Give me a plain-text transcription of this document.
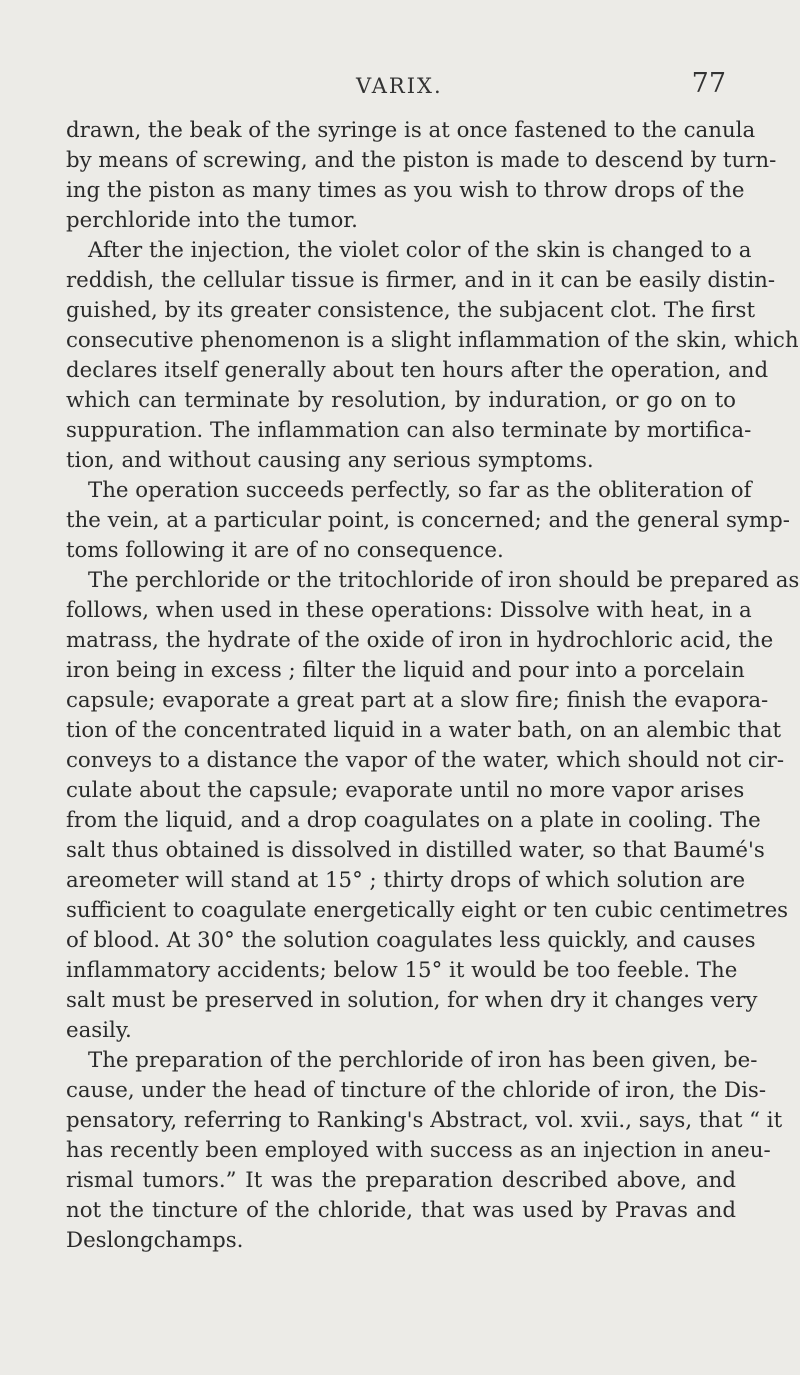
VARIX.	77
drawn, the beak of the syringe is at once fastened to the canula
by means of screwing, and the piston is made to descend by turn-
ing the piston as many times as you wish to throw drops of the
perchloride into the tumor.
After the injection, the violet color of the skin is changed to a
reddish, the cellular tissue is firmer, and in it can be easily distin-
guished, by its greater consistence, the subjacent clot. The first
consecutive phenomenon is a slight inflammation of the skin, which
declares itself generally about ten hours after the operation, and
which can terminate by resolution, by induration, or go on to
suppuration. The inflammation can also terminate by mortifica-
tion, and without causing any serious symptoms.
The operation succeeds perfectly, so far as the obliteration of
the vein, at a particular point, is concerned; and the general symp-
toms following it are of no consequence.
The perchloride or the tritochloride of iron should be prepared as
follows, when used in these operations: Dissolve with heat, in a
matrass, the hydrate of the oxide of iron in hydrochloric acid, the
iron being in excess ; filter the liquid and pour into a porcelain
capsule; evaporate a great part at a slow fire; finish the evapora-
tion of the concentrated liquid in a water bath, on an alembic that
conveys to a distance the vapor of the water, which should not cir-
culate about the capsule; evaporate until no more vapor arises
from the liquid, and a drop coagulates on a plate in cooling. The
salt thus obtained is dissolved in distilled water, so that Baumé's
areometer will stand at 15° ; thirty drops of which solution are
sufficient to coagulate energetically eight or ten cubic centimetres
of blood. At 30° the solution coagulates less quickly, and causes
inflammatory accidents; below 15° it would be too feeble. The
salt must be preserved in solution, for when dry it changes very
easily.
The preparation of the perchloride of iron has been given, be-
cause, under the head of tincture of the chloride of iron, the Dis-
pensatory, referring to Ranking's Abstract, vol. xvii., says, that “ it
has recently been employed with success as an injection in aneu-
rismal tumors.” It was the preparation described above, and
not the tincture of the chloride, that was used by Pravas and
Deslongchamps.
